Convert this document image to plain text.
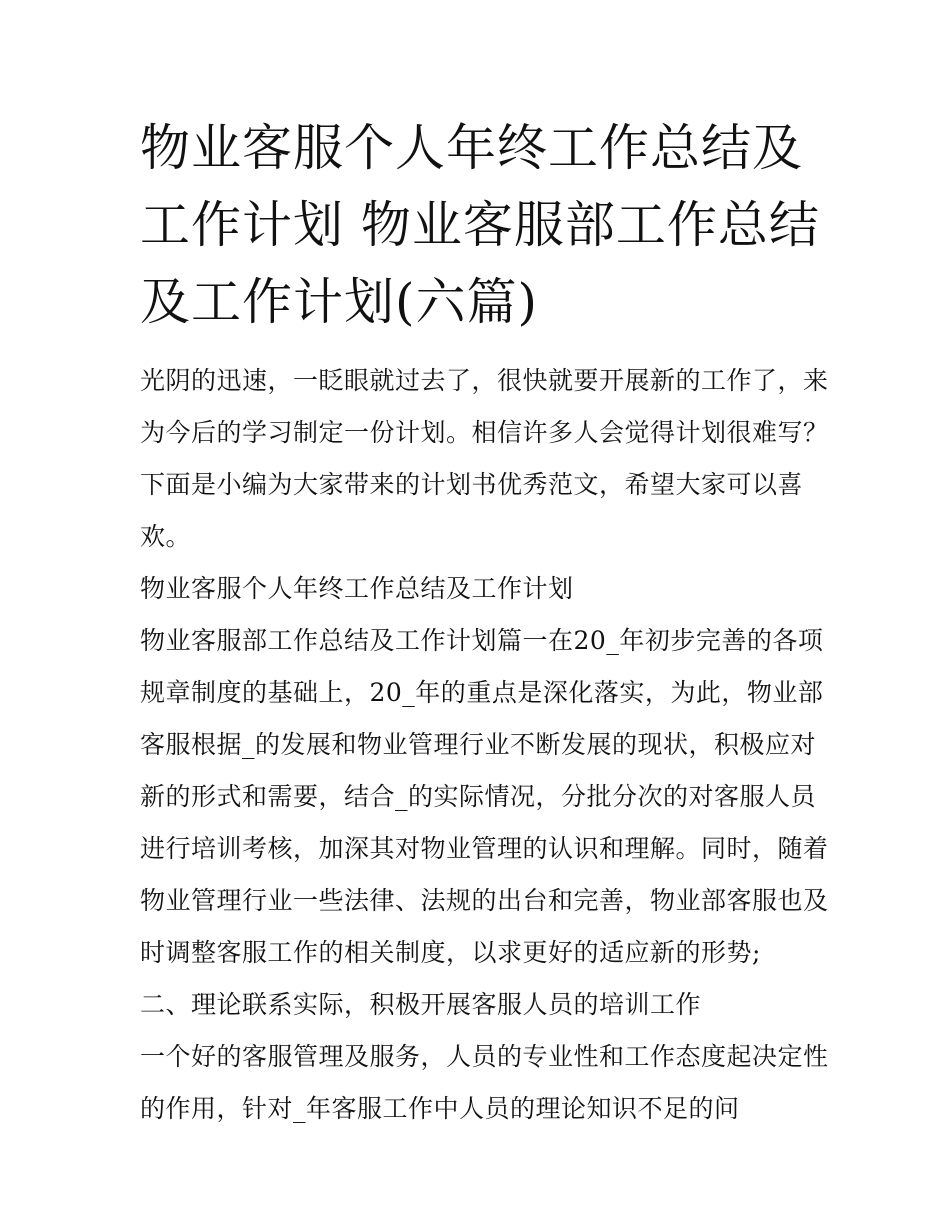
物业客服个人年终工作总结及
工作计划 物业客服部工作总结
及工作计划(六篇)

光阴的迅速，一眨眼就过去了，很快就要开展新的工作了，来
为今后的学习制定一份计划。相信许多人会觉得计划很难写？
下面是小编为大家带来的计划书优秀范文，希望大家可以喜
欢。

物业客服个人年终工作总结及工作计划

物业客服部工作总结及工作计划篇一在20_年初步完善的各项
规章制度的基础上，20_年的重点是深化落实，为此，物业部
客服根据_的发展和物业管理行业不断发展的现状，积极应对
新的形式和需要，结合_的实际情况，分批分次的对客服人员
进行培训考核，加深其对物业管理的认识和理解。同时，随着
物业管理行业一些法律、法规的出台和完善，物业部客服也及
时调整客服工作的相关制度，以求更好的适应新的形势;

二、理论联系实际，积极开展客服人员的培训工作

一个好的客服管理及服务，人员的专业性和工作态度起决定性
的作用，针对_年客服工作中人员的理论知识不足的问
